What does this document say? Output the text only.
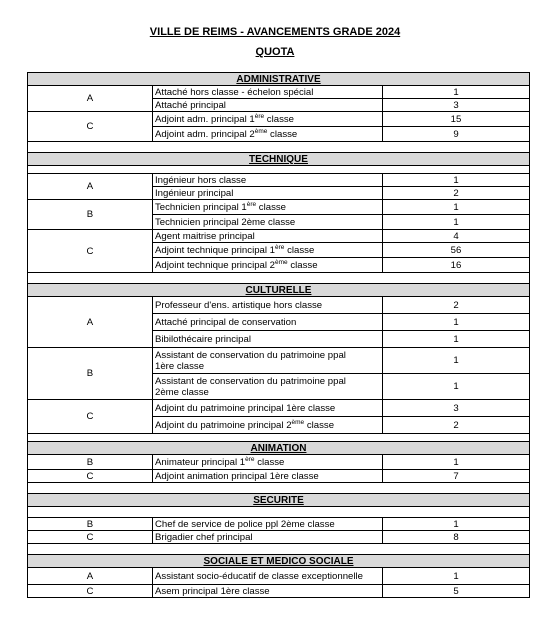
VILLE DE REIMS - AVANCEMENTS GRADE 2024
QUOTA
ADMINISTRATIVE		
A	Attaché hors classe - échelon spécial	1
	Attaché principal	3
C	Adjoint adm. principal 1ère classe	15
	Adjoint adm. principal 2ème classe	9

TECHNIQUE		

A	Ingénieur hors classe	1
	Ingénieur principal	2
B	Technicien principal 1ère classe	1
	Technicien principal 2ème classe	1
C	Agent maitrise principal	4
	Adjoint technique principal 1ère classe	56
	Adjoint technique principal 2ème classe	16

CULTURELLE		
A	Professeur d'ens. artistique hors classe	2
	Attaché principal de conservation	1
	Bibilothécaire principal	1
B	Assistant de conservation du patrimoine ppal
1ère classe	1

	Assistant de conservation du patrimoine ppal
2ème classe	1
C	Adjoint du patrimoine principal 1ère classe	3
	Adjoint du patrimoine principal 2ème classe	2

ANIMATION		
B	Animateur principal 1ère classe	1
C	Adjoint animation principal 1ère classe	7

SECURITE		

B	Chef de service de police ppl 2ème classe	1
C	Brigadier chef principal	8

SOCIALE ET MEDICO SOCIALE		
A	Assistant socio-éducatif de classe exceptionnelle	1
C	Asem principal 1ère classe	5
